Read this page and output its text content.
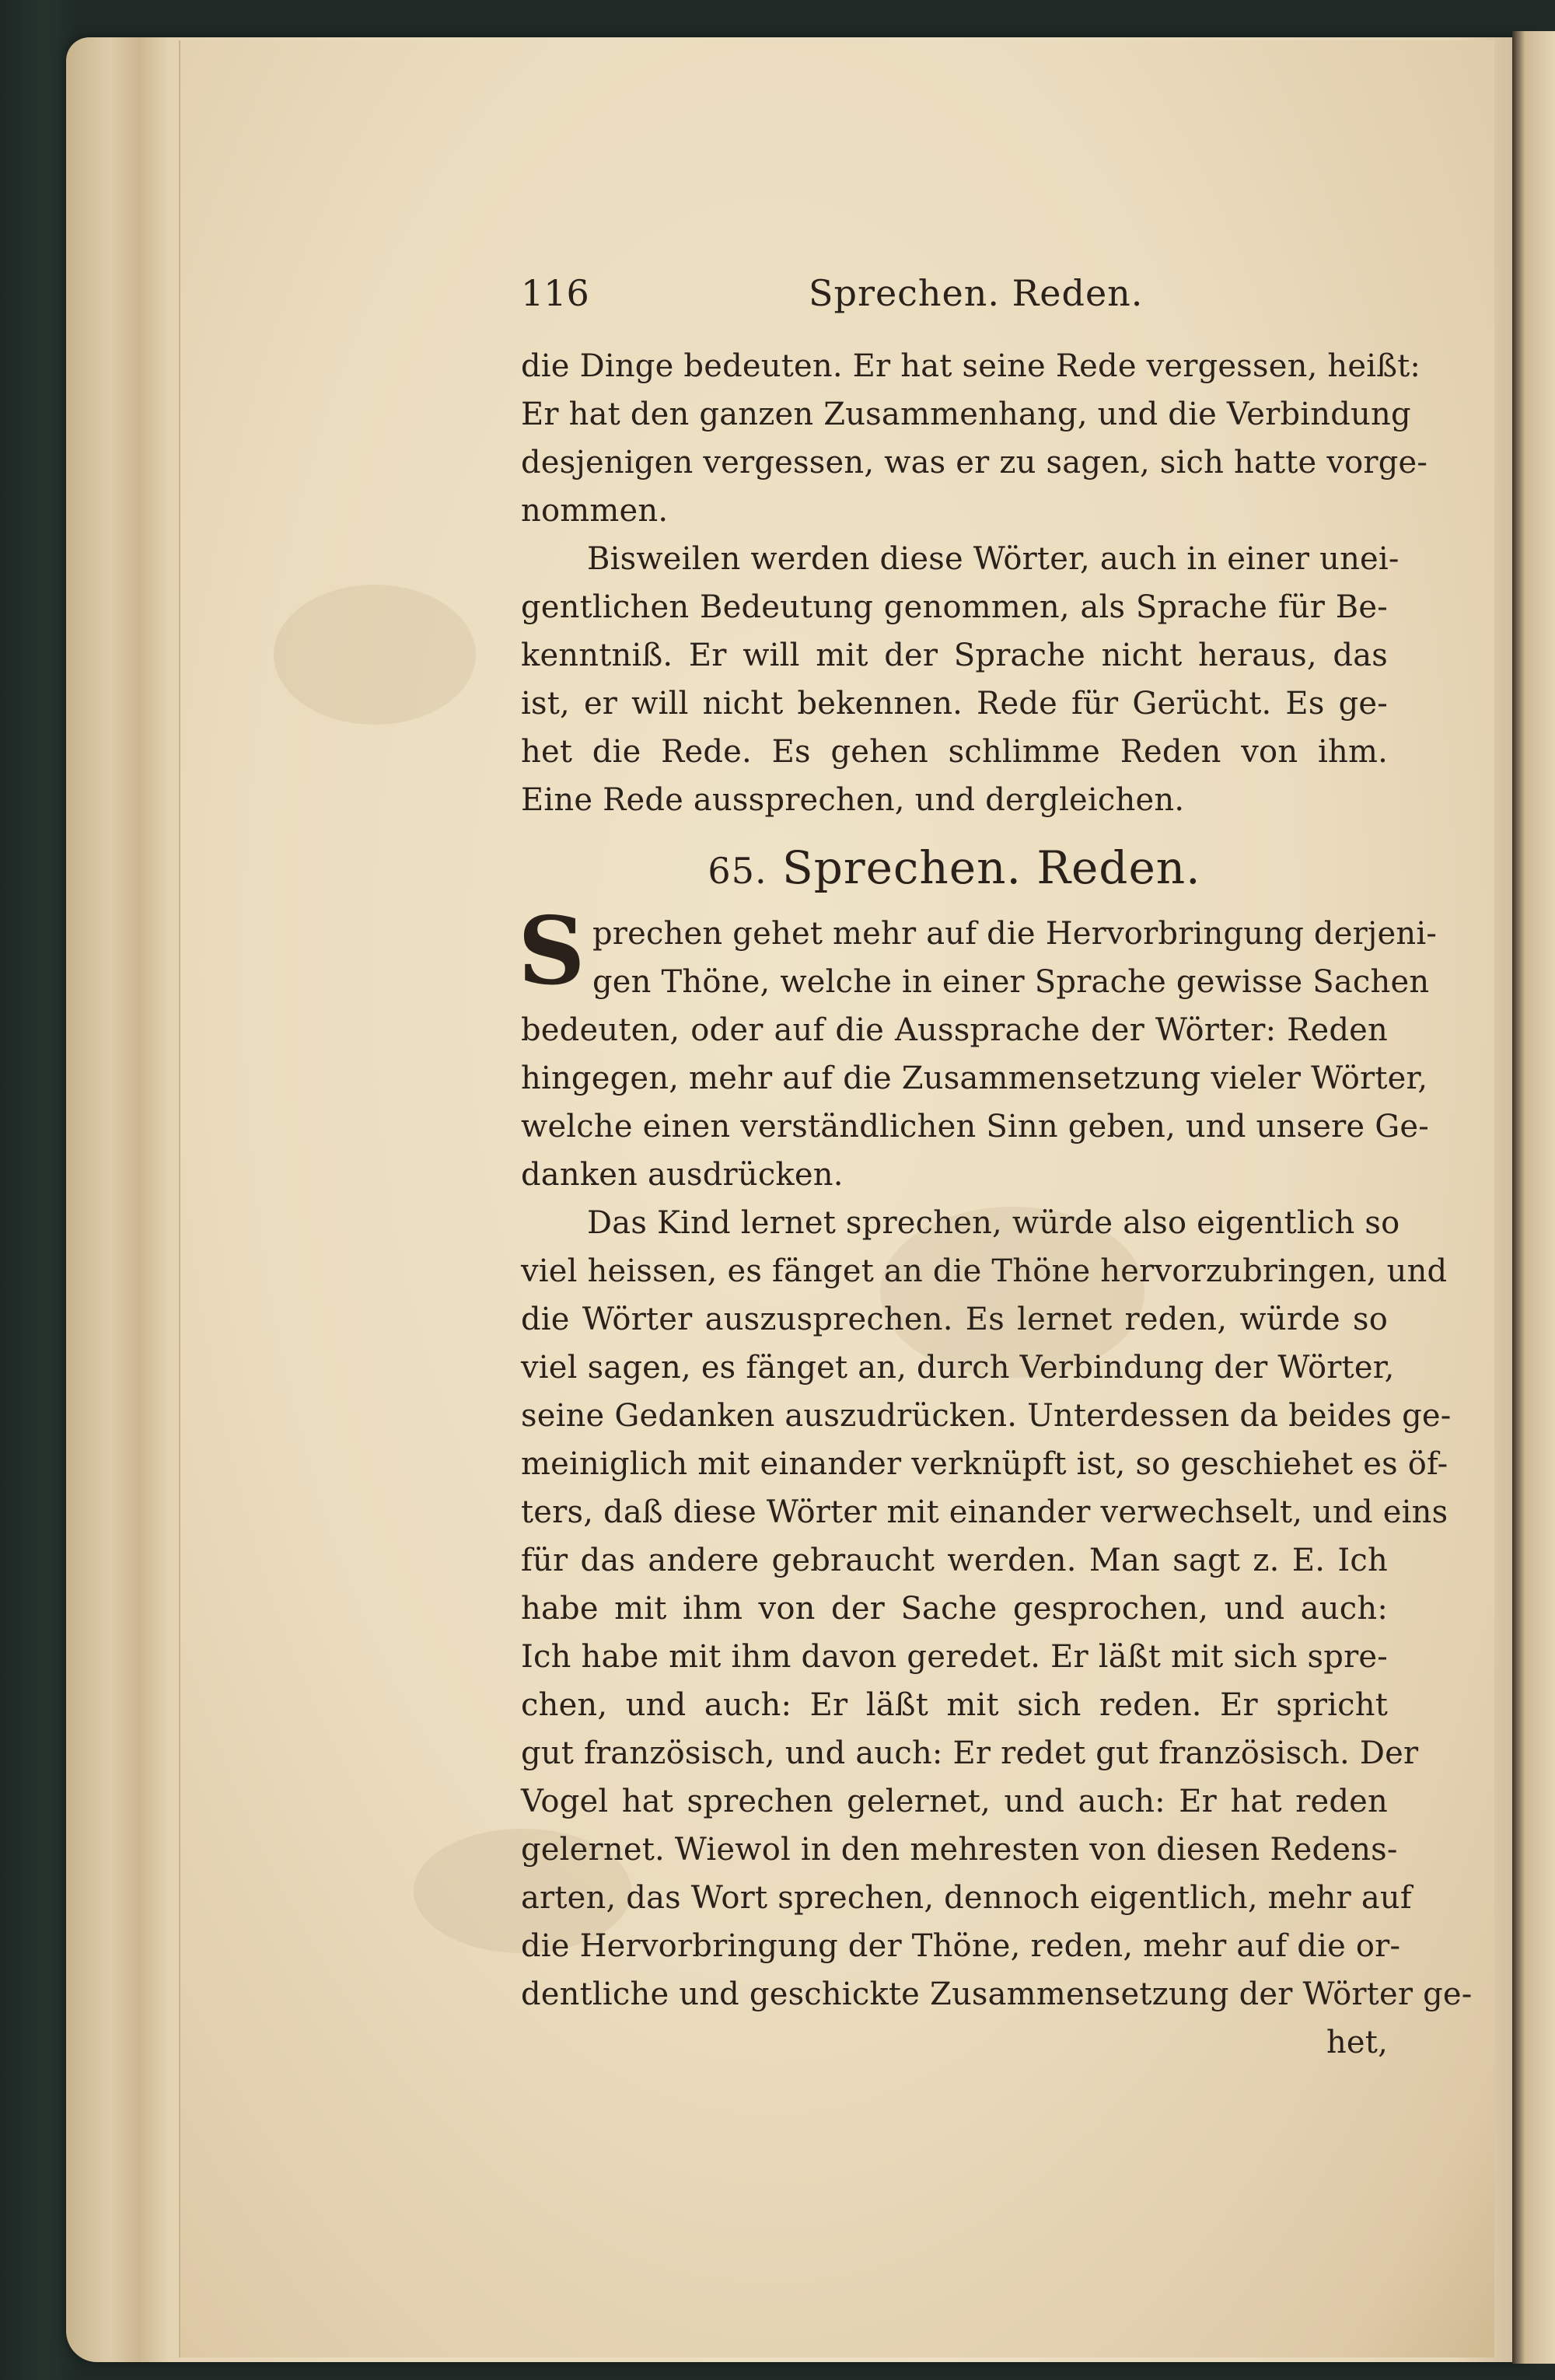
116	Sprechen. Reden.
die Dinge bedeuten. Er hat seine Rede vergessen, heißt:
Er hat den ganzen Zusammenhang, und die Verbindung
desjenigen vergessen, was er zu sagen, sich hatte vorge-
nommen.
Bisweilen werden diese Wörter, auch in einer unei-
gentlichen Bedeutung genommen, als Sprache für Be-
kenntniß. Er will mit der Sprache nicht heraus, das
ist, er will nicht bekennen. Rede für Gerücht. Es ge-
het die Rede. Es gehen schlimme Reden von ihm.
Eine Rede aussprechen, und dergleichen.
65. Sprechen. Reden.
S prechen gehet mehr auf die Hervorbringung derjeni-
gen Thöne, welche in einer Sprache gewisse Sachen
bedeuten, oder auf die Aussprache der Wörter: Reden
hingegen, mehr auf die Zusammensetzung vieler Wörter,
welche einen verständlichen Sinn geben, und unsere Ge-
danken ausdrücken.
Das Kind lernet sprechen, würde also eigentlich so
viel heissen, es fänget an die Thöne hervorzubringen, und
die Wörter auszusprechen. Es lernet reden, würde so
viel sagen, es fänget an, durch Verbindung der Wörter,
seine Gedanken auszudrücken. Unterdessen da beides ge-
meiniglich mit einander verknüpft ist, so geschiehet es öf-
ters, daß diese Wörter mit einander verwechselt, und eins
für das andere gebraucht werden. Man sagt z. E. Ich
habe mit ihm von der Sache gesprochen, und auch:
Ich habe mit ihm davon geredet. Er läßt mit sich spre-
chen, und auch: Er läßt mit sich reden. Er spricht
gut französisch, und auch: Er redet gut französisch. Der
Vogel hat sprechen gelernet, und auch: Er hat reden
gelernet. Wiewol in den mehresten von diesen Redens-
arten, das Wort sprechen, dennoch eigentlich, mehr auf
die Hervorbringung der Thöne, reden, mehr auf die or-
dentliche und geschickte Zusammensetzung der Wörter ge-
het,
